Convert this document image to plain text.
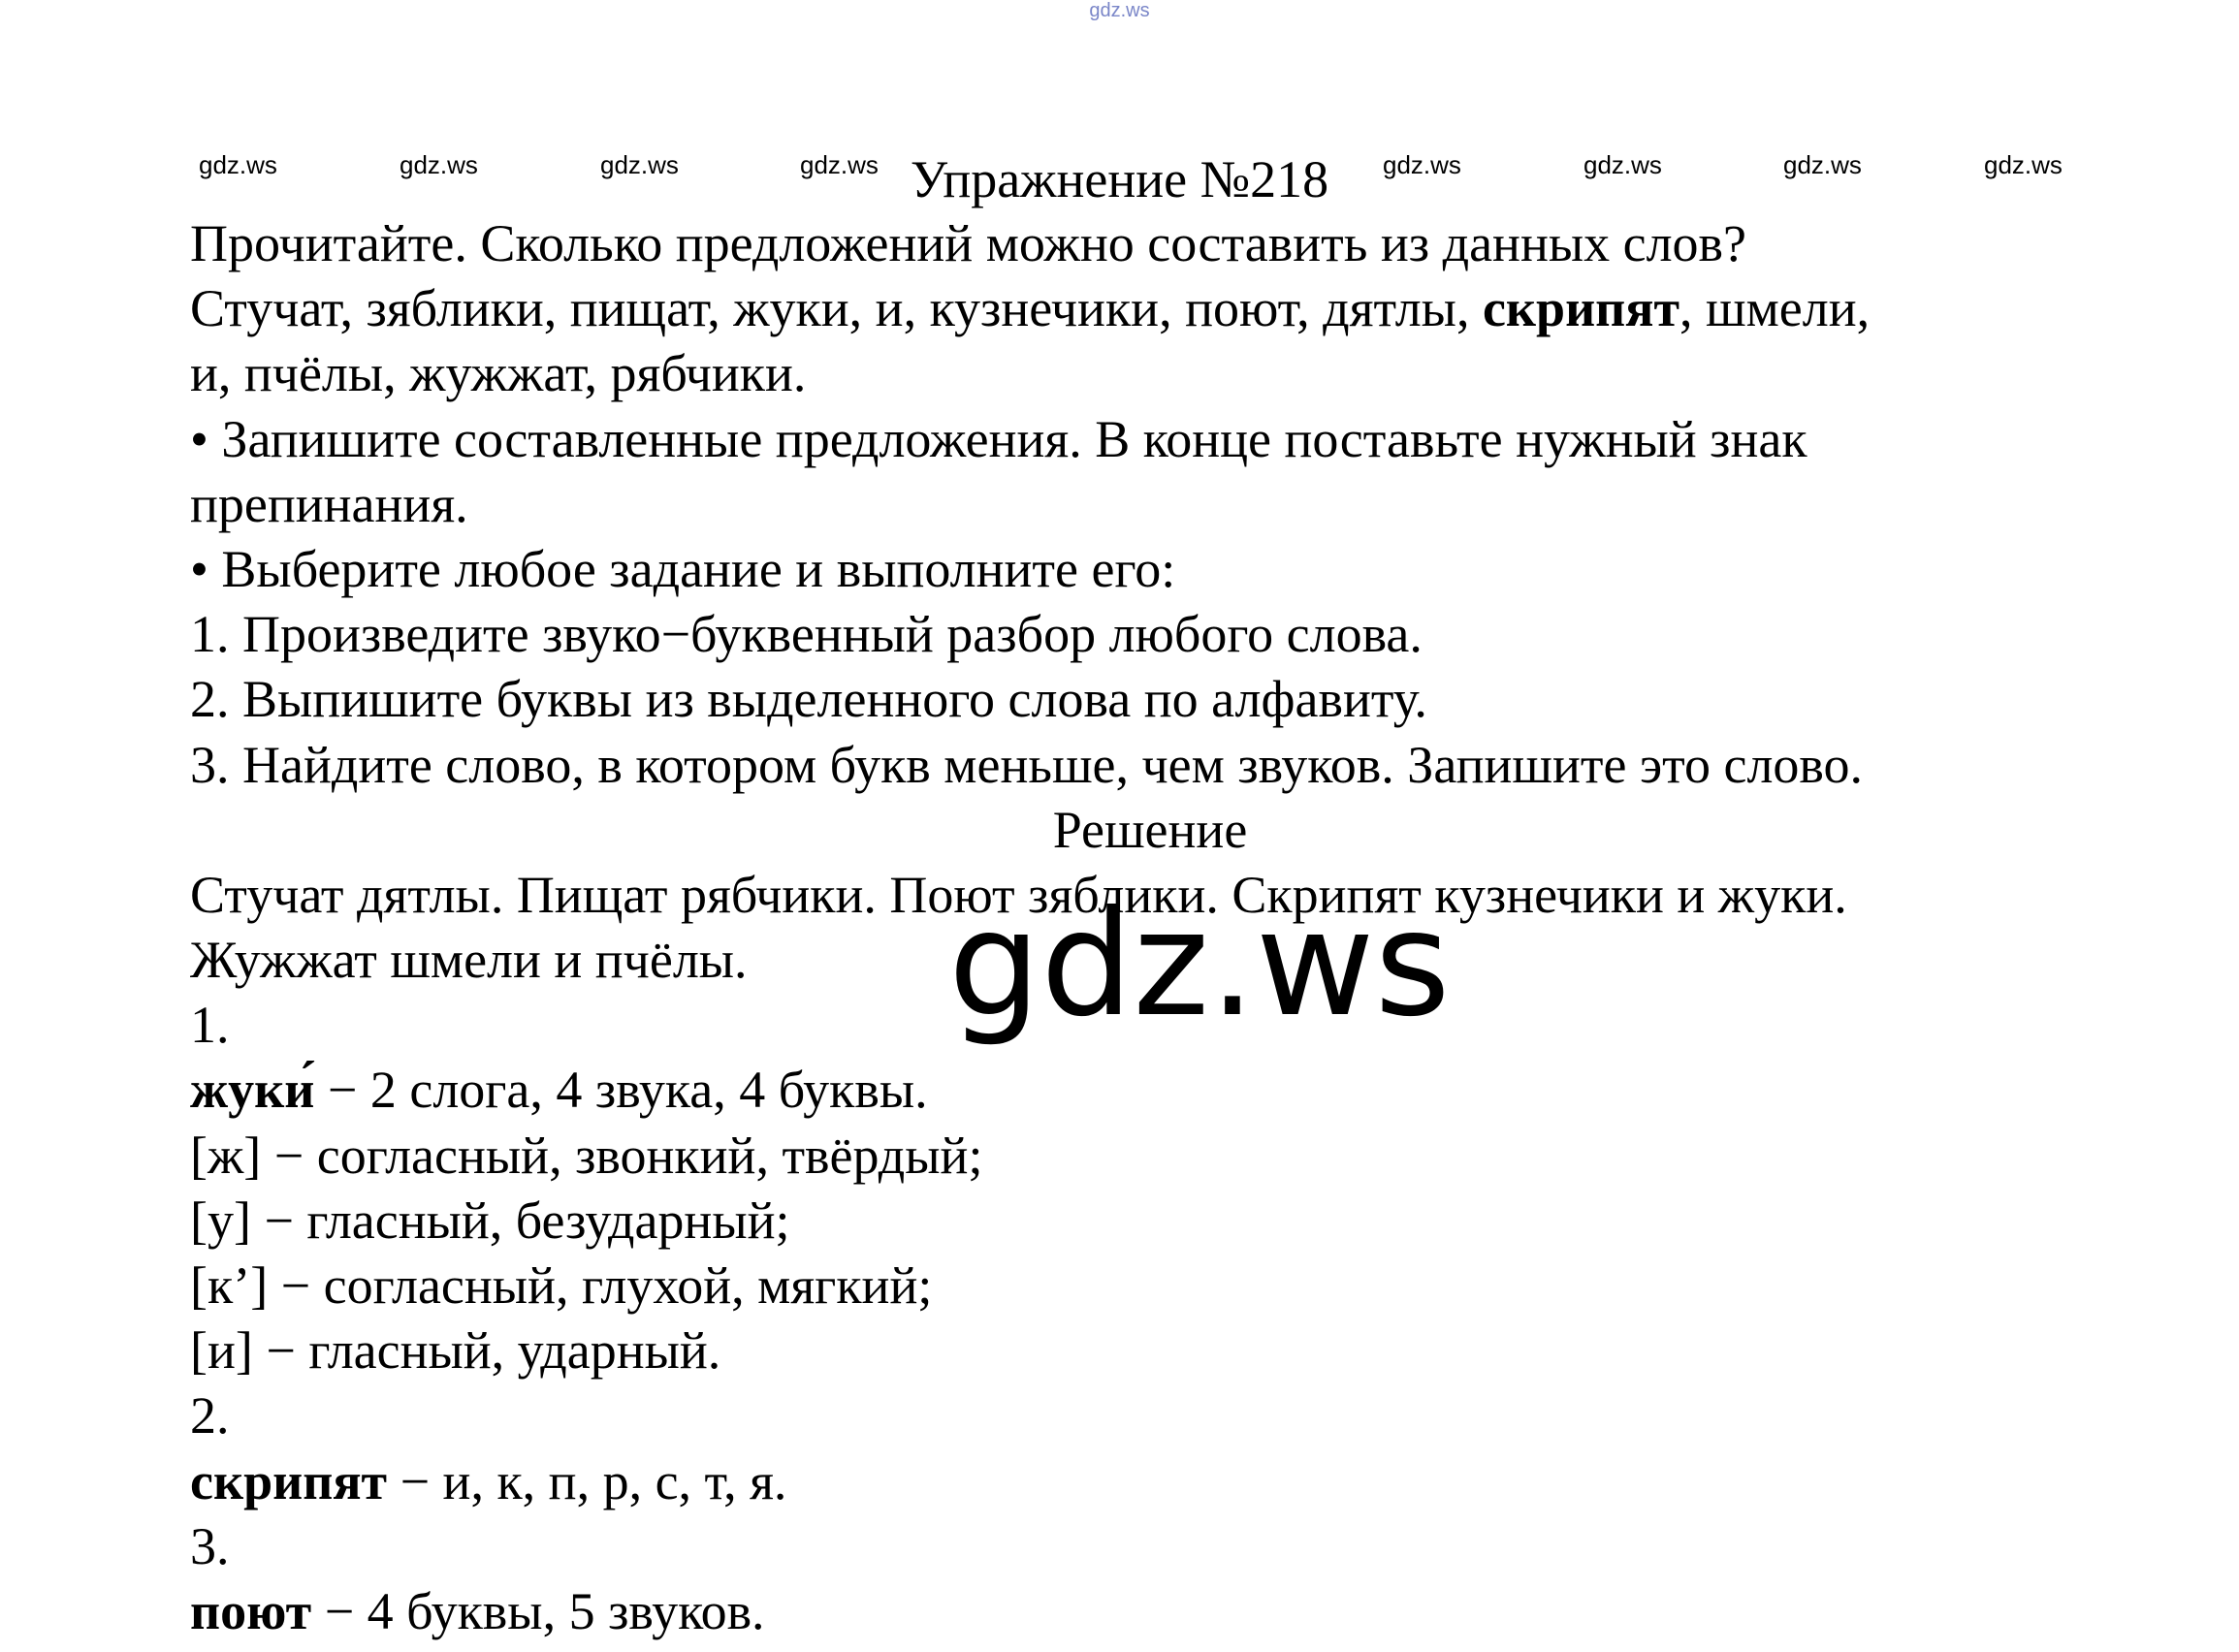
gdz.ws
gdz.ws	gdz.ws	gdz.ws	gdz.ws	gdz.ws	gdz.ws	gdz.ws	gdz.ws
Упражнение №218
Прочитайте. Сколько предложений можно составить из данных слов?
Стучат, зяблики, пищат, жуки, и, кузнечики, поют, дятлы, скрипят, шмели,
и, пчёлы, жужжат, рябчики.
• Запишите составленные предложения. В конце поставьте нужный знак
препинания.
• Выберите любое задание и выполните его:
1. Произведите звуко−буквенный разбор любого слова.
2. Выпишите буквы из выделенного слова по алфавиту.
3. Найдите слово, в котором букв меньше, чем звуков. Запишите это слово.
Решение
Стучат дятлы. Пищат рябчики. Поют зяблики. Скрипят кузнечики и жуки.
Жужжат шмели и пчёлы.
1.
жуки́ − 2 слога, 4 звука, 4 буквы.
[ж] − согласный, звонкий, твёрдый;
[у] − гласный, безударный;
[к’] − согласный, глухой, мягкий;
[и] − гласный, ударный.
2.
скрипят − и, к, п, р, с, т, я.
3.
поют − 4 буквы, 5 звуков.
gdz.ws
